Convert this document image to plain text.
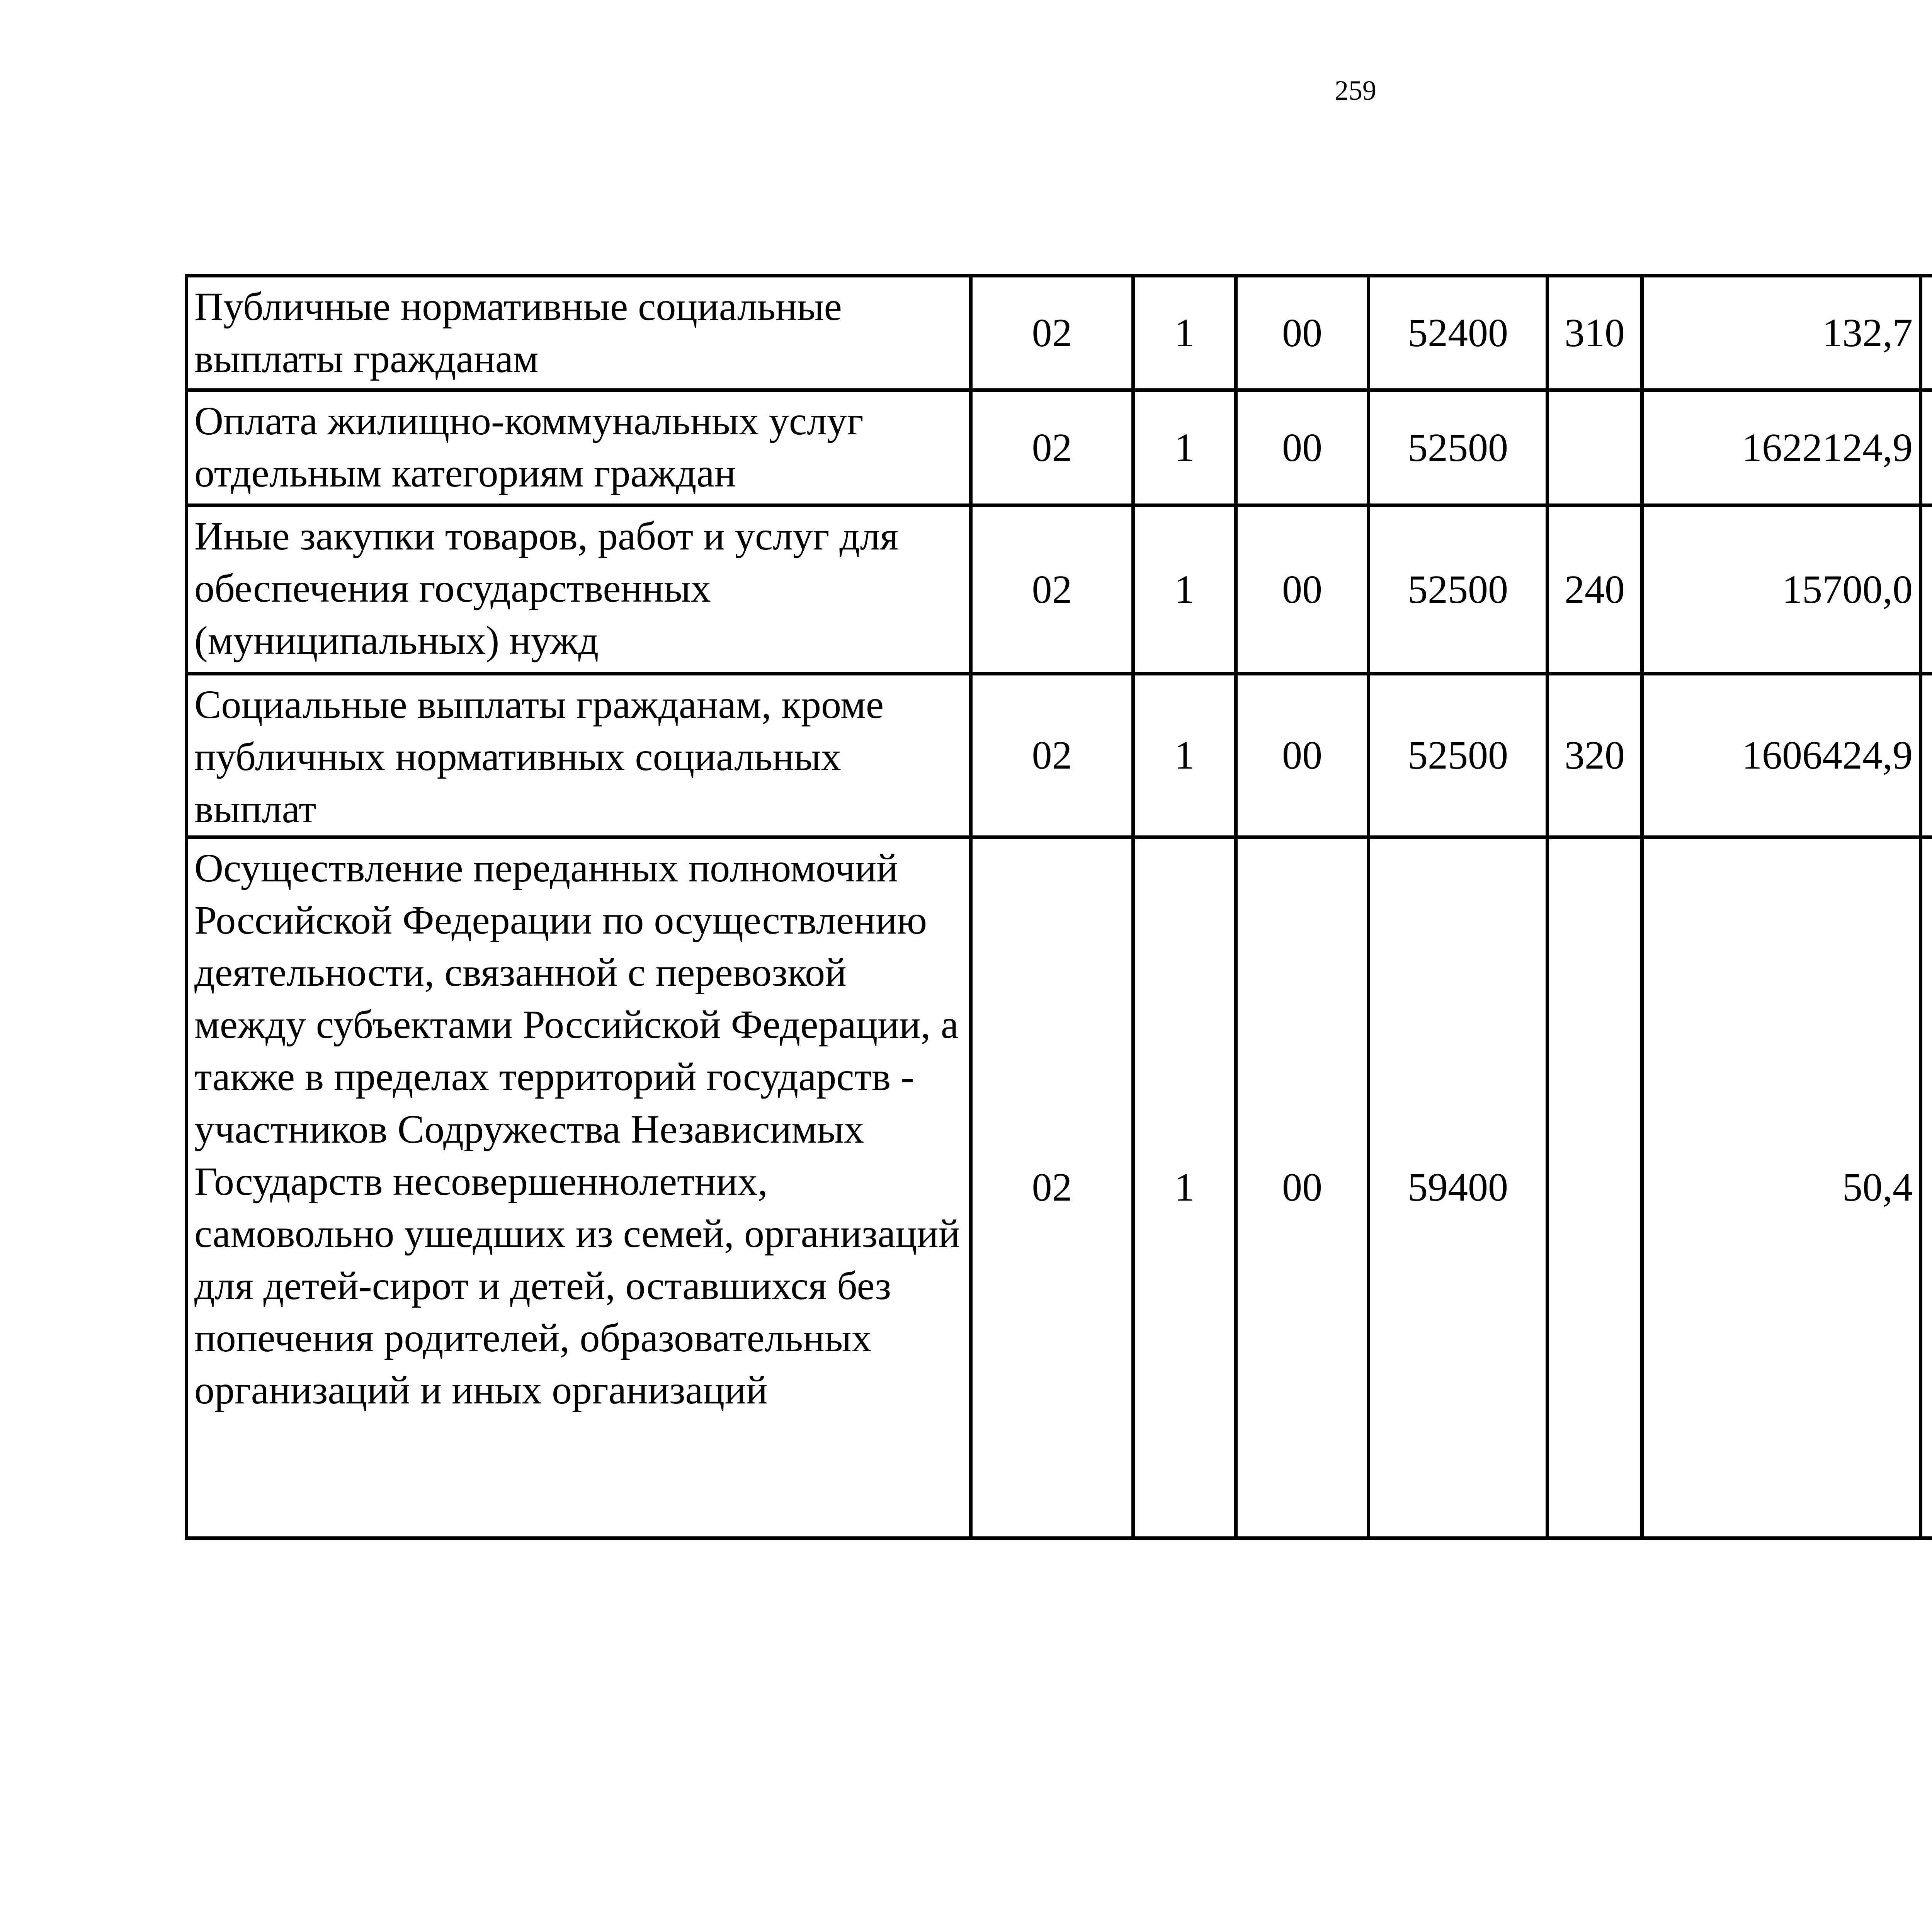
259
Публичные нормативные социальные выплаты гражданам	02	1	00	52400	310	132,7		
Оплата жилищно-коммунальных услуг отдельным категориям граждан	02	1	00	52500		1622124,9		
Иные закупки товаров, работ и услуг для обеспечения государственных (муниципальных) нужд	02	1	00	52500	240	15700,0		
Социальные выплаты гражданам, кроме публичных нормативных социальных выплат	02	1	00	52500	320	1606424,9		
Осуществление переданных полномочий Российской Федерации по осуществлению деятельности, связанной с перевозкой между субъектами Российской Федерации, а также в пределах территорий государств - участников Содружества Независимых Государств несовершеннолетних, самовольно ушедших из семей, организаций для детей-сирот и детей, оставшихся без попечения родителей, образовательных организаций и иных организаций	02	1	00	59400		50,4		
